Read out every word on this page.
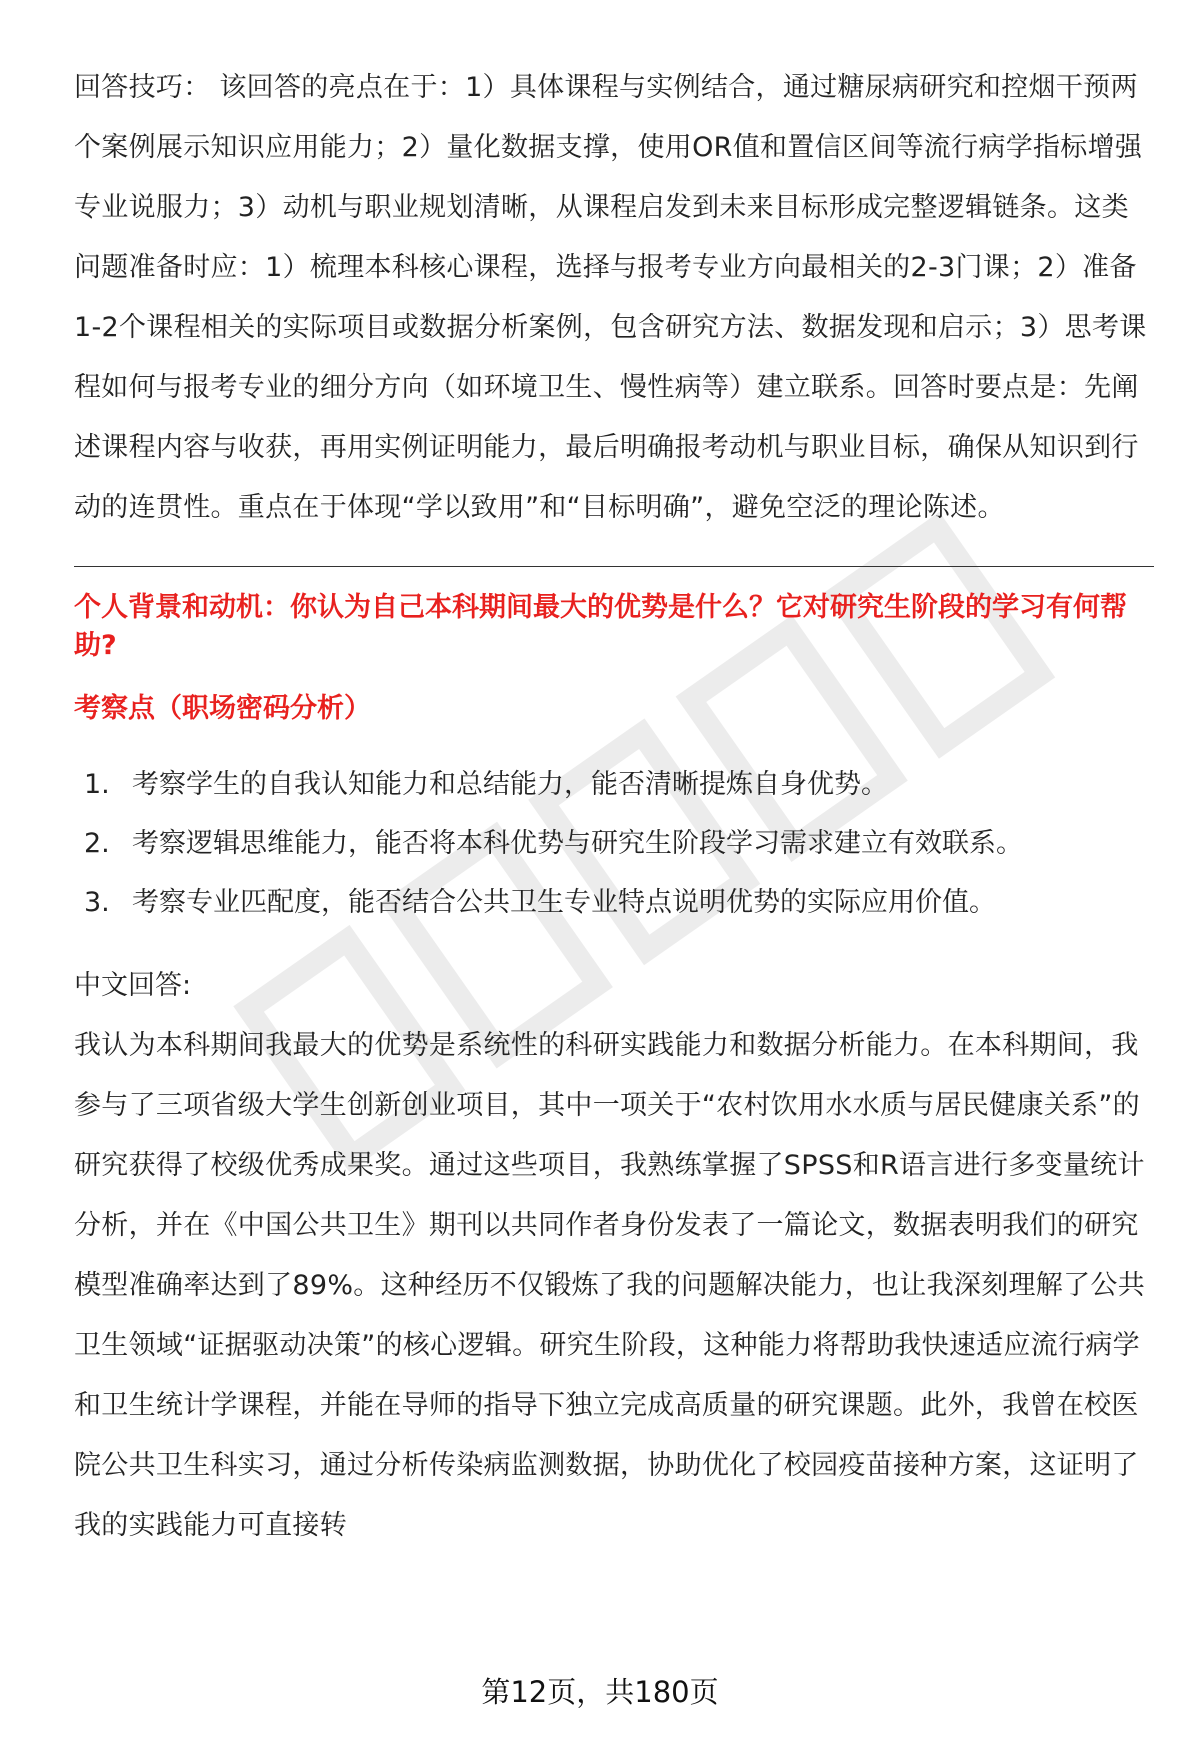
回答技巧： 该回答的亮点在于：1）具体课程与实例结合，通过糖尿病研究和控烟干预两个案例展示知识应用能力；2）量化数据支撑，使用OR值和置信区间等流行病学指标增强专业说服力；3）动机与职业规划清晰，从课程启发到未来目标形成完整逻辑链条。这类问题准备时应：1）梳理本科核心课程，选择与报考专业方向最相关的2-3门课；2）准备1-2个课程相关的实际项目或数据分析案例，包含研究方法、数据发现和启示；3）思考课程如何与报考专业的细分方向（如环境卫生、慢性病等）建立联系。回答时要点是：先阐述课程内容与收获，再用实例证明能力，最后明确报考动机与职业目标，确保从知识到行动的连贯性。重点在于体现“学以致用”和“目标明确”，避免空泛的理论陈述。

个人背景和动机：你认为自己本科期间最大的优势是什么？它对研究生阶段的学习有何帮助?

考察点（职场密码分析）

1. 考察学生的自我认知能力和总结能力，能否清晰提炼自身优势。
2. 考察逻辑思维能力，能否将本科优势与研究生阶段学习需求建立有效联系。
3. 考察专业匹配度，能否结合公共卫生专业特点说明优势的实际应用价值。

中文回答:

我认为本科期间我最大的优势是系统性的科研实践能力和数据分析能力。在本科期间，我参与了三项省级大学生创新创业项目，其中一项关于“农村饮用水水质与居民健康关系”的研究获得了校级优秀成果奖。通过这些项目，我熟练掌握了SPSS和R语言进行多变量统计分析，并在《中国公共卫生》期刊以共同作者身份发表了一篇论文，数据表明我们的研究模型准确率达到了89%。这种经历不仅锻炼了我的问题解决能力，也让我深刻理解了公共卫生领域“证据驱动决策”的核心逻辑。研究生阶段，这种能力将帮助我快速适应流行病学和卫生统计学课程，并能在导师的指导下独立完成高质量的研究课题。此外，我曾在校医院公共卫生科实习，通过分析传染病监测数据，协助优化了校园疫苗接种方案，这证明了我的实践能力可直接转

第12页，共180页
